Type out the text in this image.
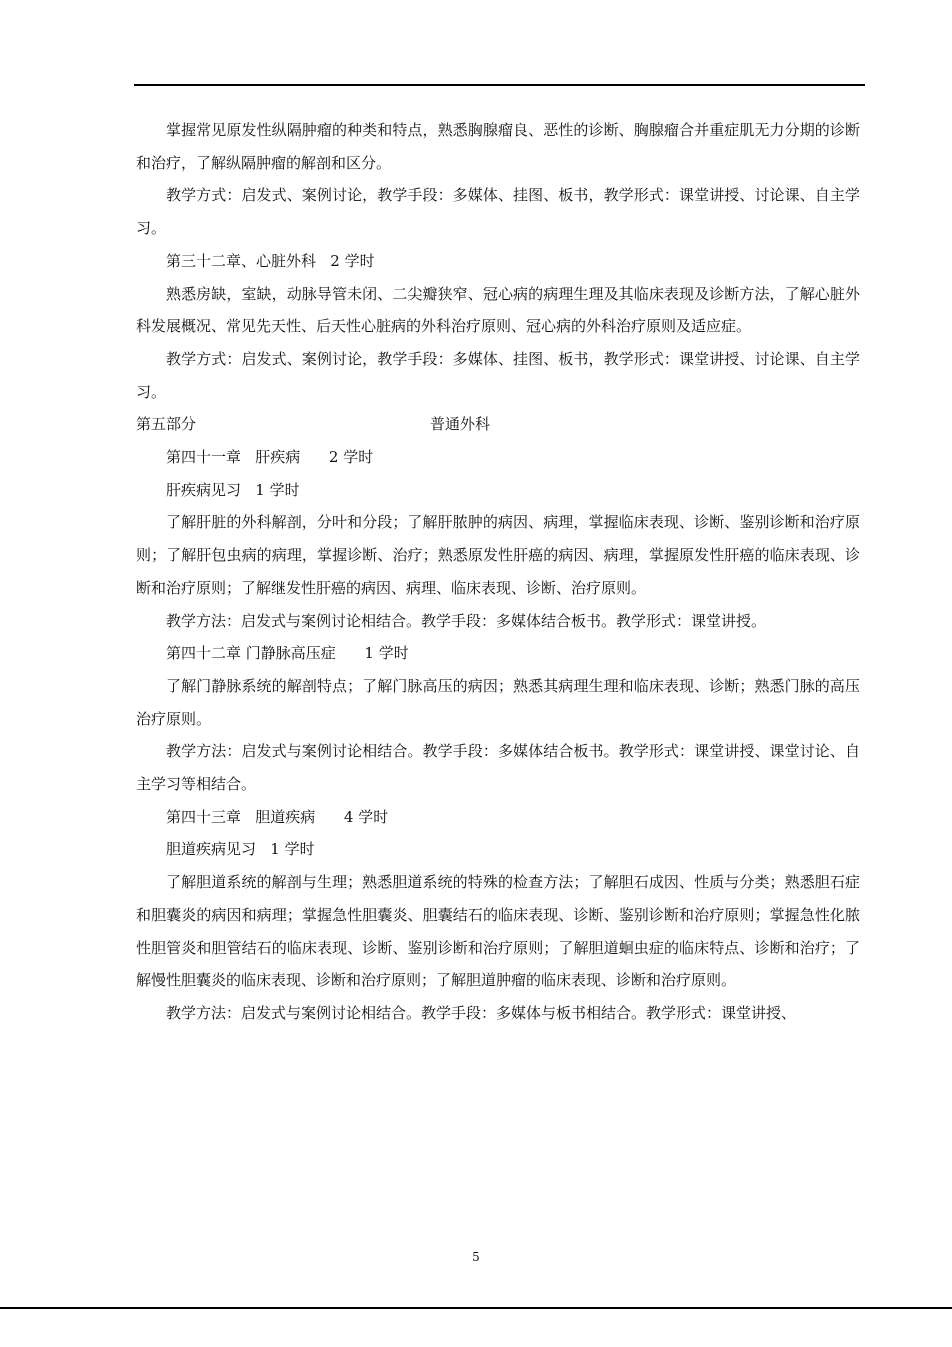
掌握常见原发性纵隔肿瘤的种类和特点，熟悉胸腺瘤良、恶性的诊断、胸腺瘤合并重症肌无力分期的诊断和治疗，了解纵隔肿瘤的解剖和区分。

教学方式：启发式、案例讨论，教学手段：多媒体、挂图、板书，教学形式：课堂讲授、讨论课、自主学习。

第三十二章、心脏外科   2 学时

熟悉房缺，室缺，动脉导管未闭、二尖瓣狭窄、冠心病的病理生理及其临床表现及诊断方法，了解心脏外科发展概况、常见先天性、后天性心脏病的外科治疗原则、冠心病的外科治疗原则及适应症。

教学方式：启发式、案例讨论，教学手段：多媒体、挂图、板书，教学形式：课堂讲授、讨论课、自主学习。

第五部分	普通外科

第四十一章   肝疾病      2 学时

肝疾病见习   1 学时

了解肝脏的外科解剖，分叶和分段；了解肝脓肿的病因、病理，掌握临床表现、诊断、鉴别诊断和治疗原则；了解肝包虫病的病理，掌握诊断、治疗；熟悉原发性肝癌的病因、病理，掌握原发性肝癌的临床表现、诊断和治疗原则；了解继发性肝癌的病因、病理、临床表现、诊断、治疗原则。

教学方法：启发式与案例讨论相结合。教学手段：多媒体结合板书。教学形式：课堂讲授。

第四十二章 门静脉高压症      1 学时

了解门静脉系统的解剖特点；了解门脉高压的病因；熟悉其病理生理和临床表现、诊断；熟悉门脉的高压治疗原则。

教学方法：启发式与案例讨论相结合。教学手段：多媒体结合板书。教学形式：课堂讲授、课堂讨论、自主学习等相结合。

第四十三章   胆道疾病      4 学时

胆道疾病见习   1 学时

了解胆道系统的解剖与生理；熟悉胆道系统的特殊的检查方法；了解胆石成因、性质与分类；熟悉胆石症和胆囊炎的病因和病理；掌握急性胆囊炎、胆囊结石的临床表现、诊断、鉴别诊断和治疗原则；掌握急性化脓性胆管炎和胆管结石的临床表现、诊断、鉴别诊断和治疗原则；了解胆道蛔虫症的临床特点、诊断和治疗；了解慢性胆囊炎的临床表现、诊断和治疗原则；了解胆道肿瘤的临床表现、诊断和治疗原则。

教学方法：启发式与案例讨论相结合。教学手段：多媒体与板书相结合。教学形式：课堂讲授、

5
